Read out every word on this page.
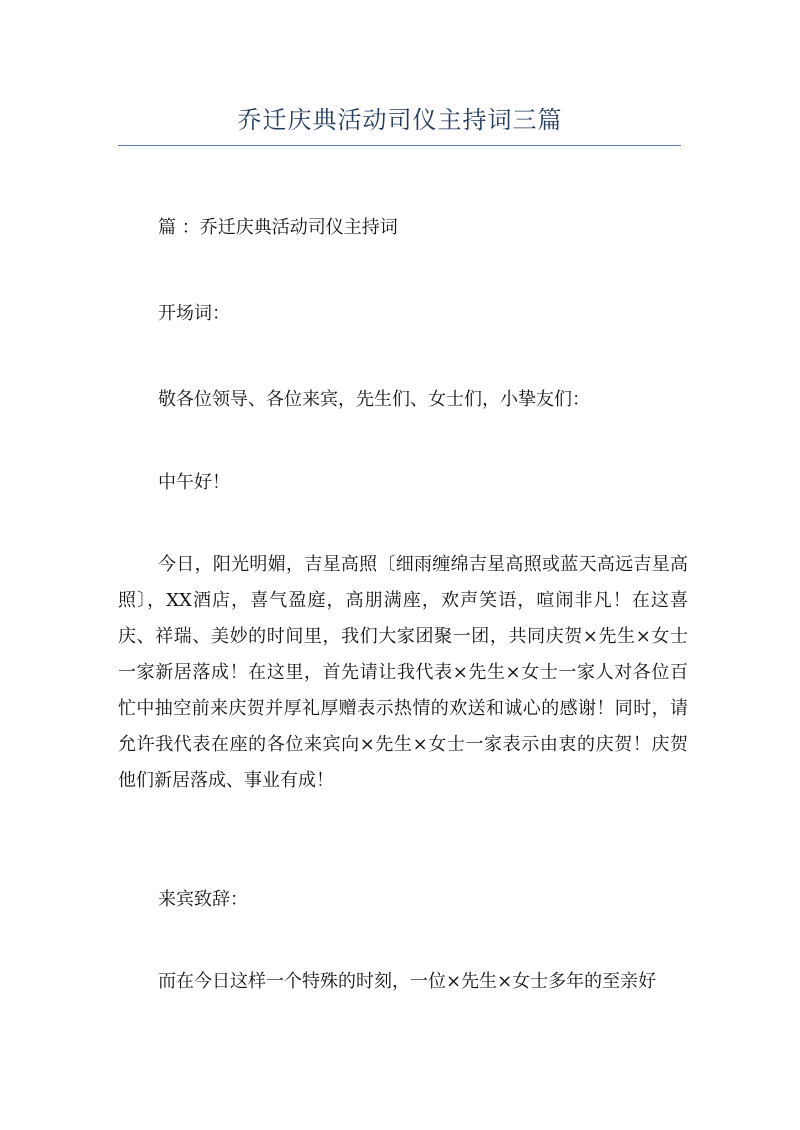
乔迁庆典活动司仪主持词三篇

篇 ：乔迁庆典活动司仪主持词

开场词：

敬各位领导、各位来宾，先生们、女士们，小挚友们：

中午好！

今日，阳光明媚，吉星高照〔细雨缠绵吉星高照或蓝天高远吉星高照〕，XX酒店，喜气盈庭，高朋满座，欢声笑语，喧闹非凡！在这喜庆、祥瑞、美妙的时间里，我们大家团聚一团，共同庆贺×先生×女士一家新居落成！在这里，首先请让我代表×先生×女士一家人对各位百忙中抽空前来庆贺并厚礼厚赠表示热情的欢送和诚心的感谢！同时，请允许我代表在座的各位来宾向×先生×女士一家表示由衷的庆贺！庆贺他们新居落成、事业有成！

来宾致辞：

而在今日这样一个特殊的时刻，一位×先生×女士多年的至亲好
